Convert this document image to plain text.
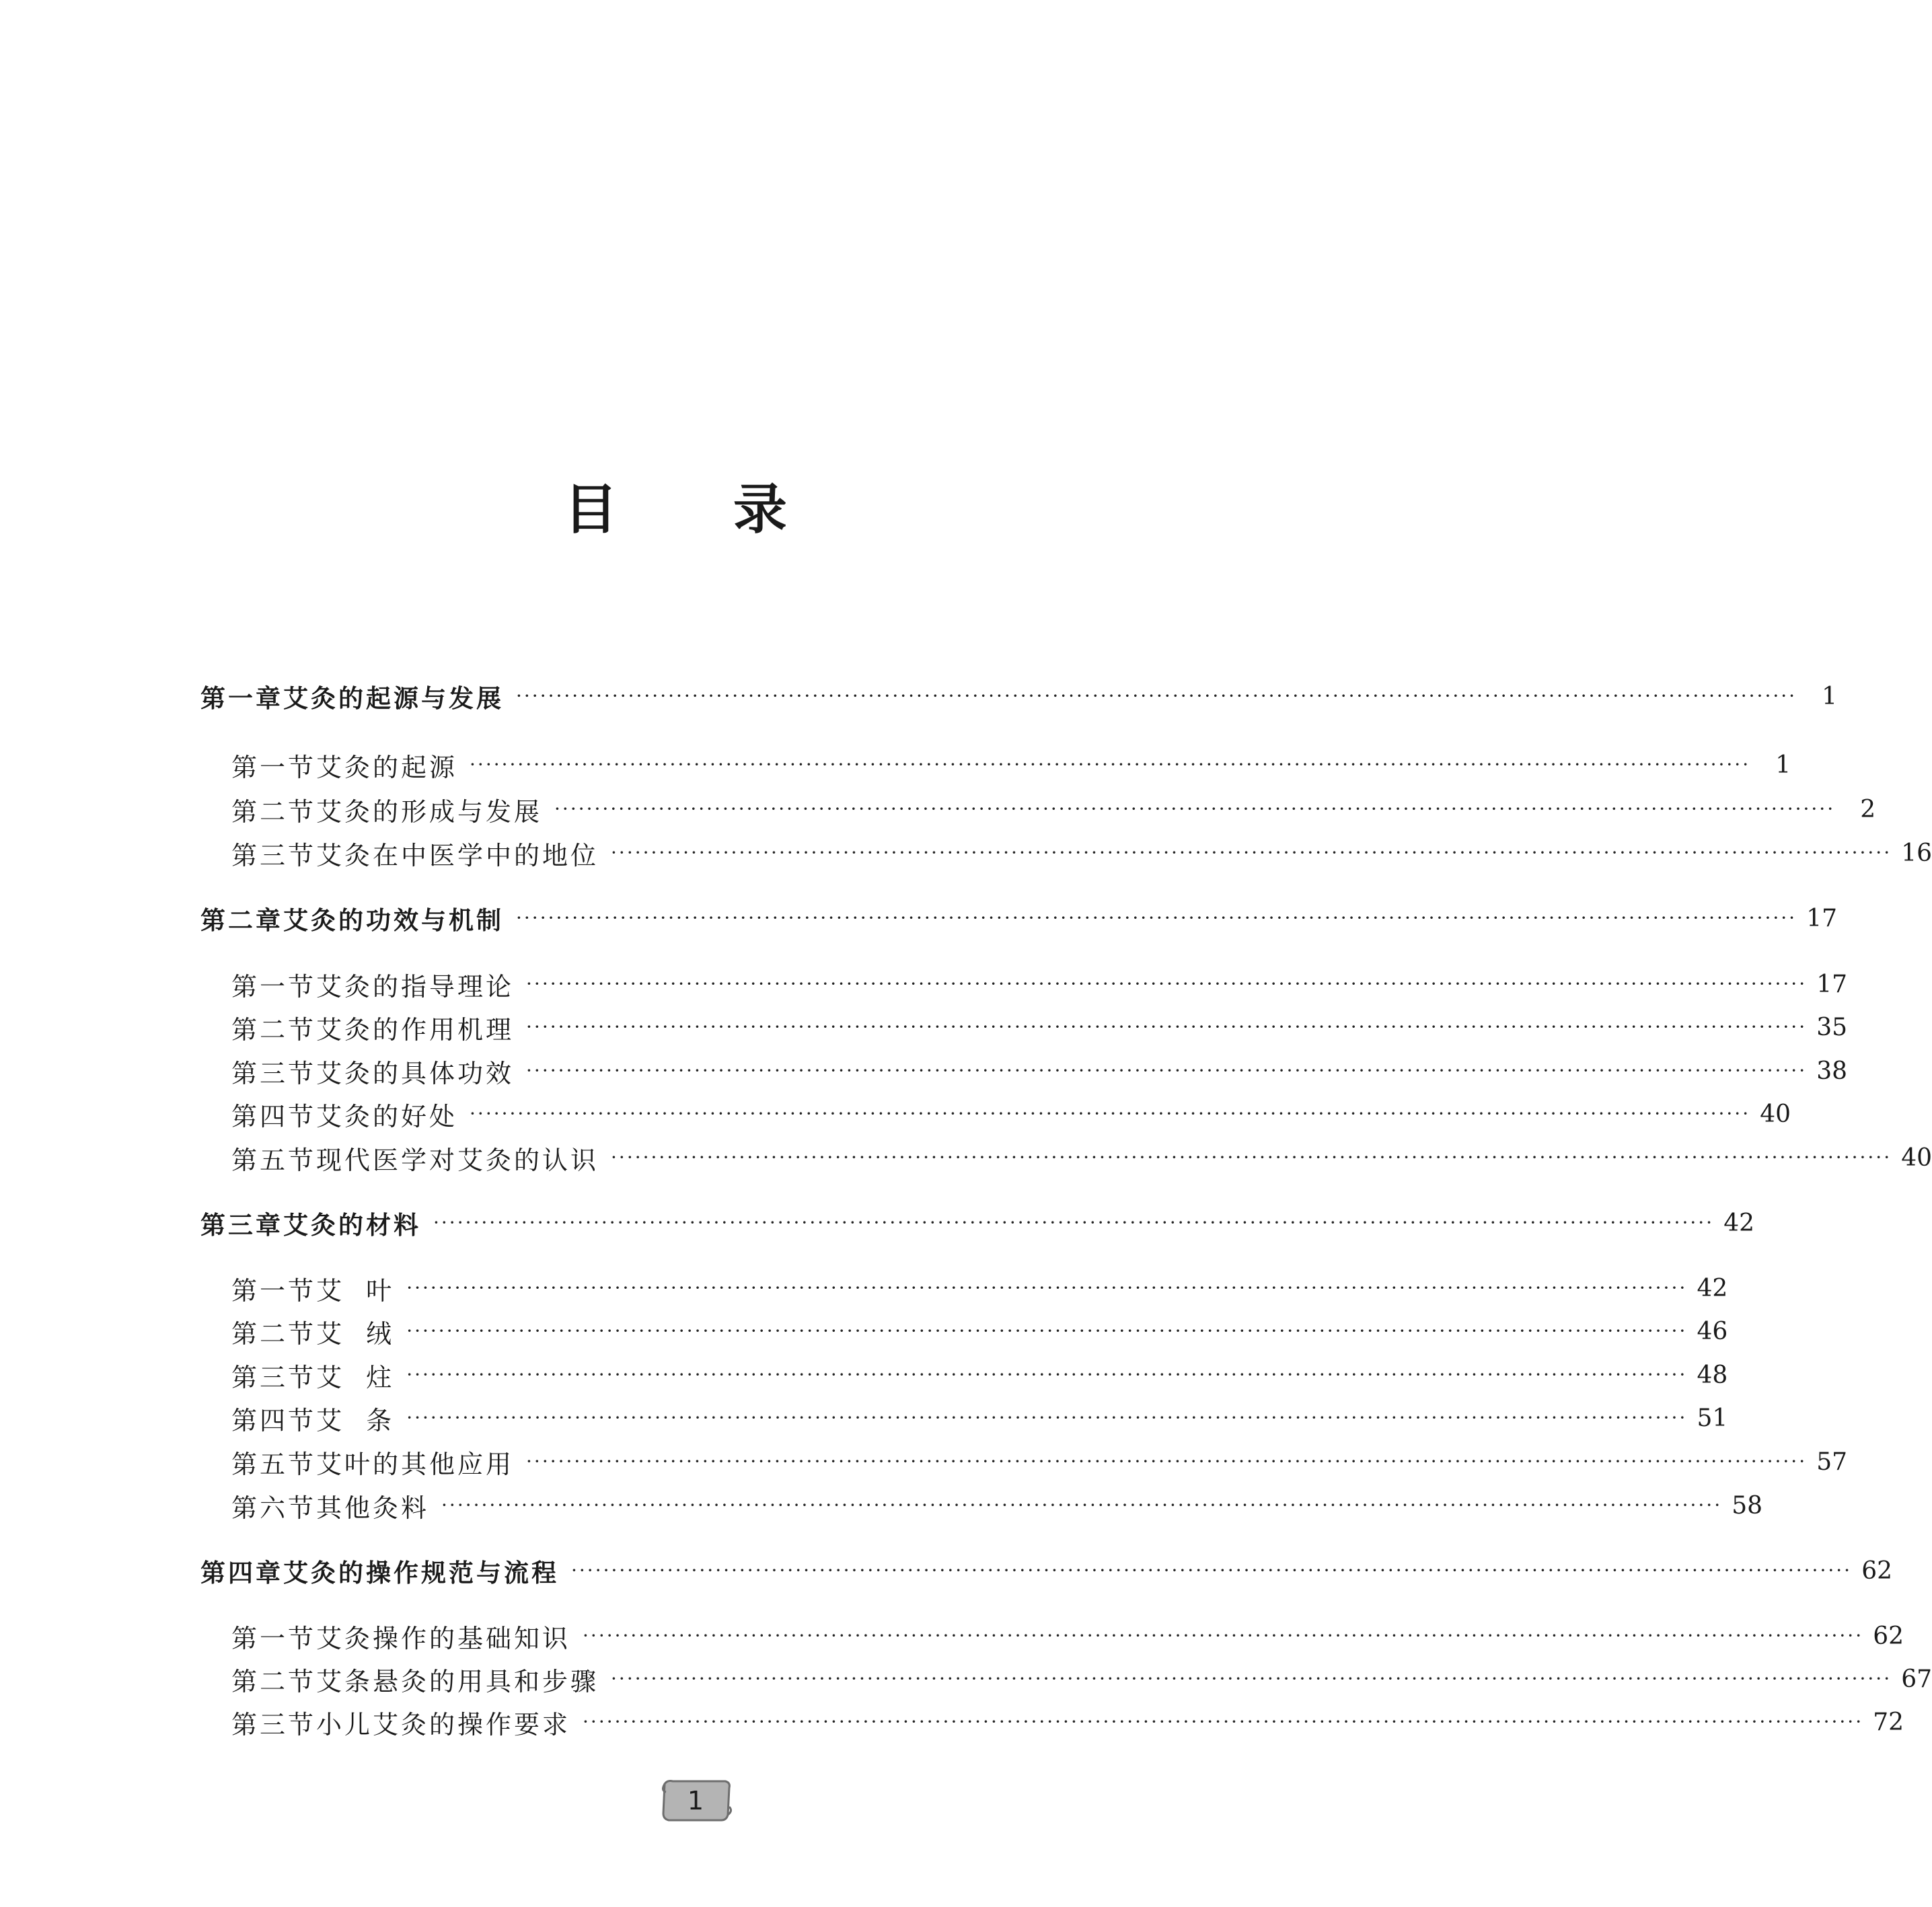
目 录
第一章 艾灸的起源与发展 ································································································································································	1
第一节 艾灸的起源 ································································································································································	1
第二节 艾灸的形成与发展 ································································································································································	2
第三节 艾灸在中医学中的地位 ································································································································································ 16
第二章 艾灸的功效与机制 ································································································································································ 17
第一节 艾灸的指导理论 ································································································································································ 17
第二节 艾灸的作用机理 ································································································································································ 35
第三节 艾灸的具体功效 ································································································································································ 38
第四节 艾灸的好处 ································································································································································ 40
第五节 现代医学对艾灸的认识 ································································································································································ 40
第三章 艾灸的材料 ································································································································································ 42
第一节 艾  叶 ································································································································································ 42
第二节 艾  绒 ································································································································································ 46
第三节 艾  炷 ································································································································································ 48
第四节 艾  条 ································································································································································ 51
第五节 艾叶的其他应用 ································································································································································ 57
第六节 其他灸料 ································································································································································ 58
第四章 艾灸的操作规范与流程 ································································································································································ 62
第一节 艾灸操作的基础知识 ································································································································································ 62
第二节 艾条悬灸的用具和步骤 ································································································································································ 67
第三节 小儿艾灸的操作要求 ································································································································································ 72
1
